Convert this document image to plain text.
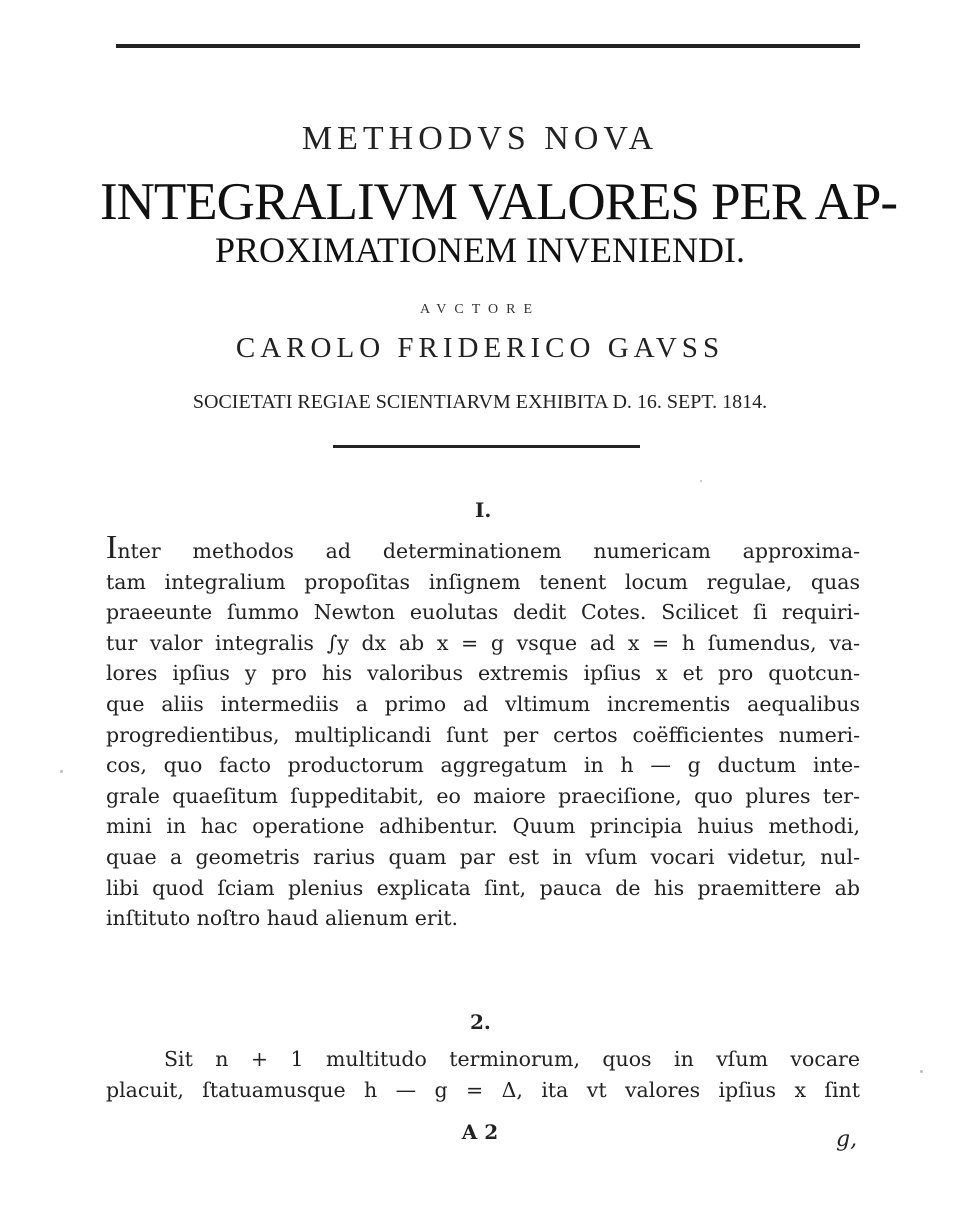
METHODVS NOVA
INTEGRALIVM VALORES PER AP-
PROXIMATIONEM INVENIENDI.
AVCTORE
CAROLO FRIDERICO GAVSS
SOCIETATI REGIAE SCIENTIARVM EXHIBITA D. 16. SEPT. 1814.
I.
Inter methodos ad determinationem numericam approxima-
tam integralium propoſitas inſignem tenent locum regulae, quas
praeeunte ſummo Newton euolutas dedit Cotes. Scilicet ſi requiri-
tur valor integralis ∫y dx ab x = g vsque ad x = h ſumendus, va-
lores ipſius y pro his valoribus extremis ipſius x et pro quotcun-
que aliis intermediis a primo ad vltimum incrementis aequalibus
progredientibus, multiplicandi ſunt per certos coëfficientes numeri-
cos, quo facto productorum aggregatum in h — g ductum inte-
grale quaeſitum ſuppeditabit, eo maiore praeciſione, quo plures ter-
mini in hac operatione adhibentur. Quum principia huius methodi,
quae a geometris rarius quam par est in vſum vocari videtur, nul-
libi quod ſciam plenius explicata ſint, pauca de his praemittere ab
inſtituto noſtro haud alienum erit.
2.
Sit n + 1 multitudo terminorum, quos in vſum vocare
placuit, ſtatuamusque h — g = Δ, ita vt valores ipſius x ſint
A 2	g,
